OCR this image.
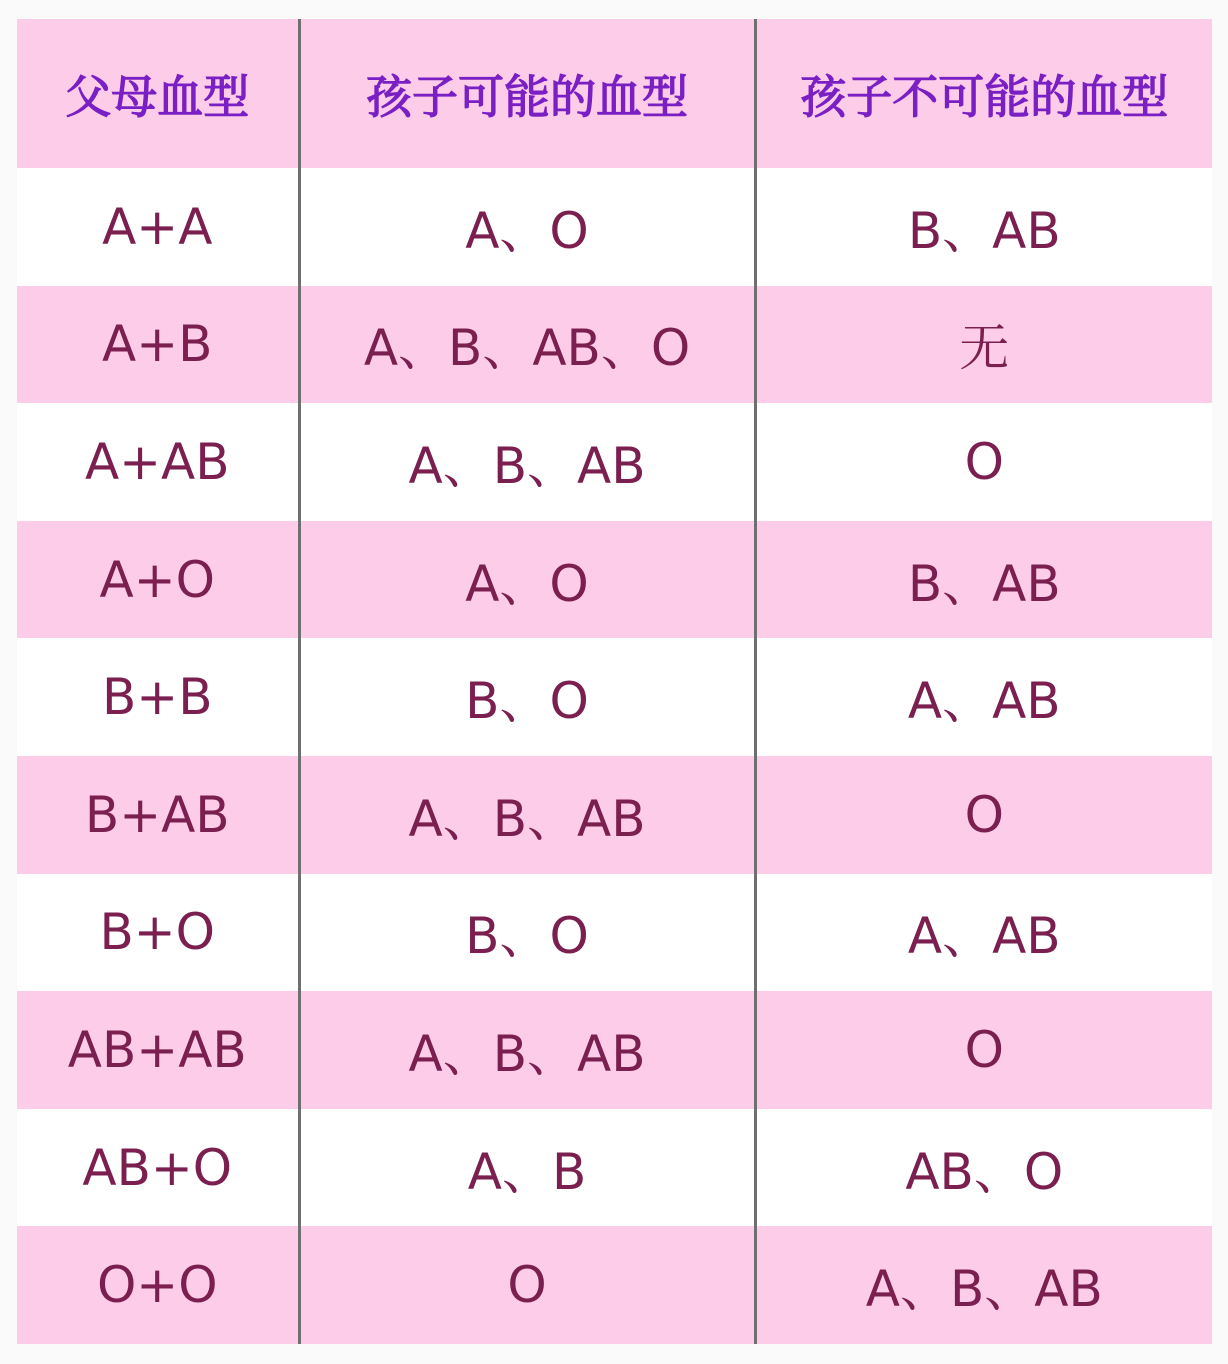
父母血型	孩子可能的血型	孩子不可能的血型
A+A	A、O	B、AB
A+B	A、B、AB、O	无
A+AB	A、B、AB	O
A+O	A、O	B、AB
B+B	B、O	A、AB
B+AB	A、B、AB	O
B+O	B、O	A、AB
AB+AB	A、B、AB	O
AB+O	A、B	AB、O
O+O	O	A、B、AB
